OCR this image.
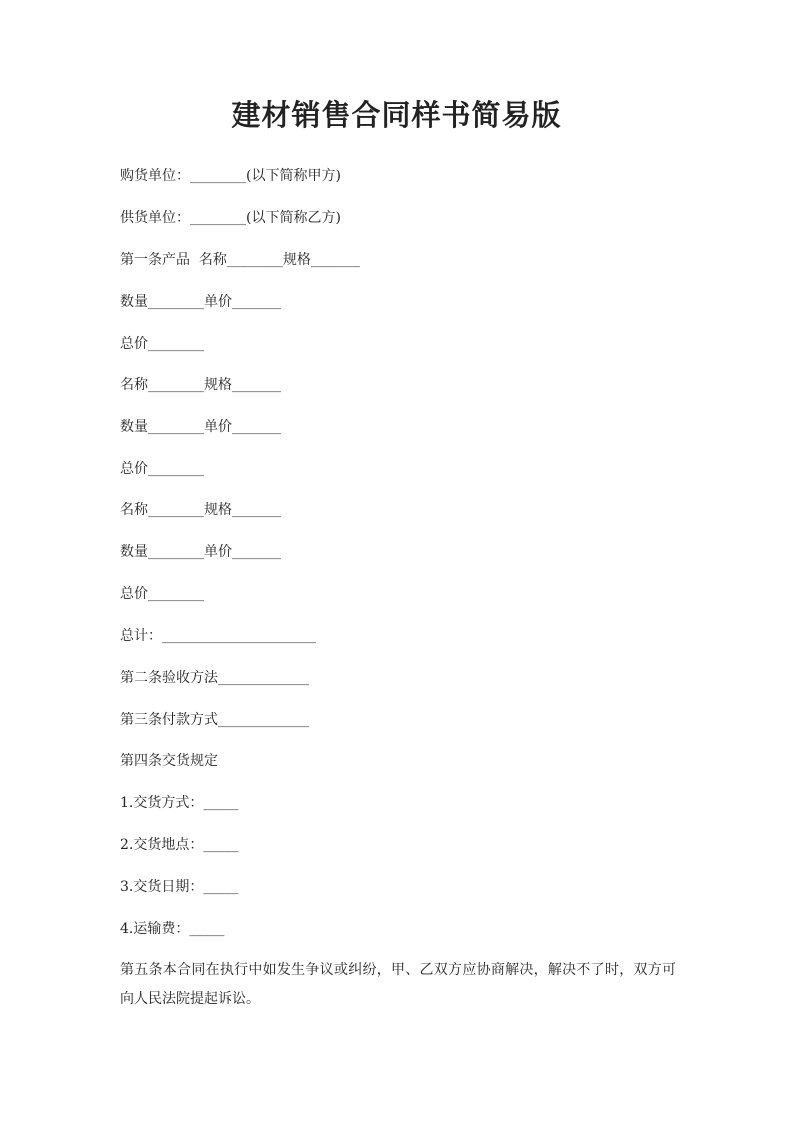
建材销售合同样书简易版

购货单位：________(以下简称甲方)

供货单位：________(以下简称乙方)

第一条产品  名称________规格_______

数量________单价_______

总价________

名称________规格_______

数量________单价_______

总价________

名称________规格_______

数量________单价_______

总价________

总计：______________________

第二条验收方法_____________

第三条付款方式_____________

第四条交货规定

1.交货方式：_____

2.交货地点：_____

3.交货日期：_____

4.运输费：_____

第五条本合同在执行中如发生争议或纠纷，甲、乙双方应协商解决，解决不了时，双方可向人民法院提起诉讼。
